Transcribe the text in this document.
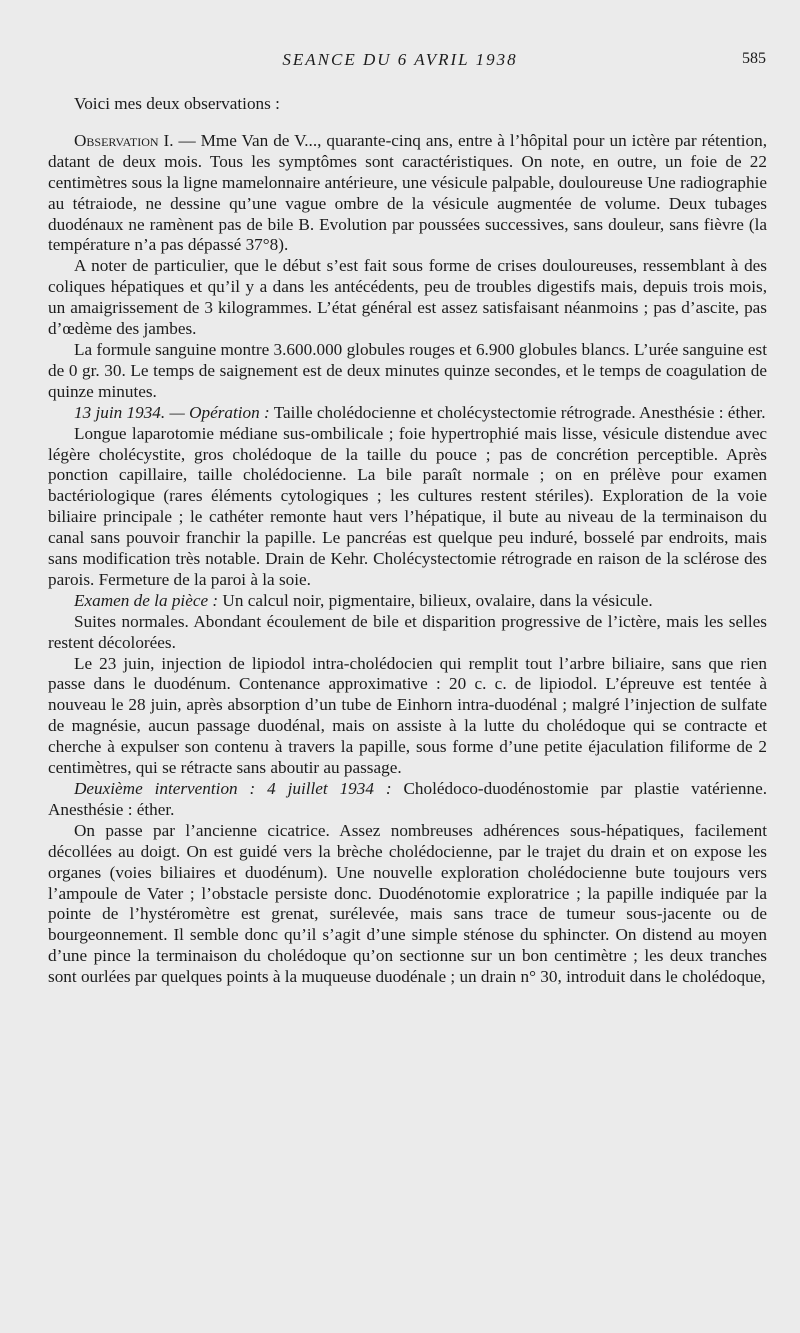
SEANCE DU 6 AVRIL 1938	585

Voici mes deux observations :

Observation I. — Mme Van de V..., quarante-cinq ans, entre à l’hôpital pour un ictère par rétention, datant de deux mois. Tous les symptômes sont caractéristiques. On note, en outre, un foie de 22 centimètres sous la ligne mamelonnaire antérieure, une vésicule palpable, douloureuse Une radiographie au tétraiode, ne dessine qu’une vague ombre de la vésicule augmentée de volume. Deux tubages duodénaux ne ramènent pas de bile B. Evolution par poussées successives, sans douleur, sans fièvre (la température n’a pas dépassé 37°8).

A noter de particulier, que le début s’est fait sous forme de crises douloureuses, ressemblant à des coliques hépatiques et qu’il y a dans les antécédents, peu de troubles digestifs mais, depuis trois mois, un amaigrissement de 3 kilogrammes. L’état général est assez satisfaisant néanmoins ; pas d’ascite, pas d’œdème des jambes.

La formule sanguine montre 3.600.000 globules rouges et 6.900 globules blancs. L’urée sanguine est de 0 gr. 30. Le temps de saignement est de deux minutes quinze secondes, et le temps de coagulation de quinze minutes.

13 juin 1934. — Opération : Taille cholédocienne et cholécystectomie rétrograde. Anesthésie : éther.

Longue laparotomie médiane sus-ombilicale ; foie hypertrophié mais lisse, vésicule distendue avec légère cholécystite, gros cholédoque de la taille du pouce ; pas de concrétion perceptible. Après ponction capillaire, taille cholédocienne. La bile paraît normale ; on en prélève pour examen bactériologique (rares éléments cytologiques ; les cultures restent stériles). Exploration de la voie biliaire principale ; le cathéter remonte haut vers l’hépatique, il bute au niveau de la terminaison du canal sans pouvoir franchir la papille. Le pancréas est quelque peu induré, bosselé par endroits, mais sans modification très notable. Drain de Kehr. Cholécystectomie rétrograde en raison de la sclérose des parois. Fermeture de la paroi à la soie.

Examen de la pièce : Un calcul noir, pigmentaire, bilieux, ovalaire, dans la vésicule.

Suites normales. Abondant écoulement de bile et disparition progressive de l’ictère, mais les selles restent décolorées.

Le 23 juin, injection de lipiodol intra-cholédocien qui remplit tout l’arbre biliaire, sans que rien passe dans le duodénum. Contenance approximative : 20 c. c. de lipiodol. L’épreuve est tentée à nouveau le 28 juin, après absorption d’un tube de Einhorn intra-duodénal ; malgré l’injection de sulfate de magnésie, aucun passage duodénal, mais on assiste à la lutte du cholédoque qui se contracte et cherche à expulser son contenu à travers la papille, sous forme d’une petite éjaculation filiforme de 2 centimètres, qui se rétracte sans aboutir au passage.

Deuxième intervention : 4 juillet 1934 : Cholédoco-duodénostomie par plastie vatérienne. Anesthésie : éther.

On passe par l’ancienne cicatrice. Assez nombreuses adhérences sous-hépatiques, facilement décollées au doigt. On est guidé vers la brèche cholédocienne, par le trajet du drain et on expose les organes (voies biliaires et duodénum). Une nouvelle exploration cholédocienne bute toujours vers l’ampoule de Vater ; l’obstacle persiste donc. Duodénotomie exploratrice ; la papille indiquée par la pointe de l’hystéromètre est grenat, surélevée, mais sans trace de tumeur sous-jacente ou de bourgeonnement. Il semble donc qu’il s’agit d’une simple sténose du sphincter. On distend au moyen d’une pince la terminaison du cholédoque qu’on sectionne sur un bon centimètre ; les deux tranches sont ourlées par quelques points à la muqueuse duodénale ; un drain n° 30, introduit dans le cholédoque,
